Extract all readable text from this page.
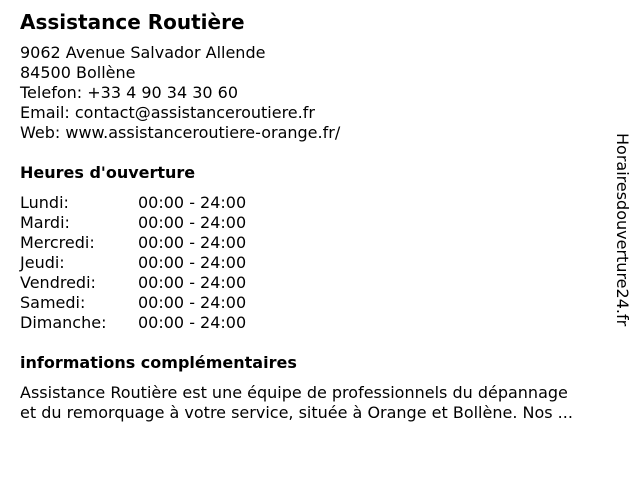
Assistance Routière
9062 Avenue Salvador Allende
84500 Bollène
Telefon: +33 4 90 34 30 60
Email: contact@assistanceroutiere.fr
Web: www.assistanceroutiere-orange.fr/
Heures d'ouverture
Lundi:	00:00 - 24:00
Mardi:	00:00 - 24:00
Mercredi:	00:00 - 24:00
Jeudi:	00:00 - 24:00
Vendredi:	00:00 - 24:00
Samedi:	00:00 - 24:00
Dimanche: 00:00 - 24:00
informations complémentaires
Assistance Routière est une équipe de professionnels du dépannage
et du remorquage à votre service, située à Orange et Bollène. Nos ...
Horairesdouverture24.fr
